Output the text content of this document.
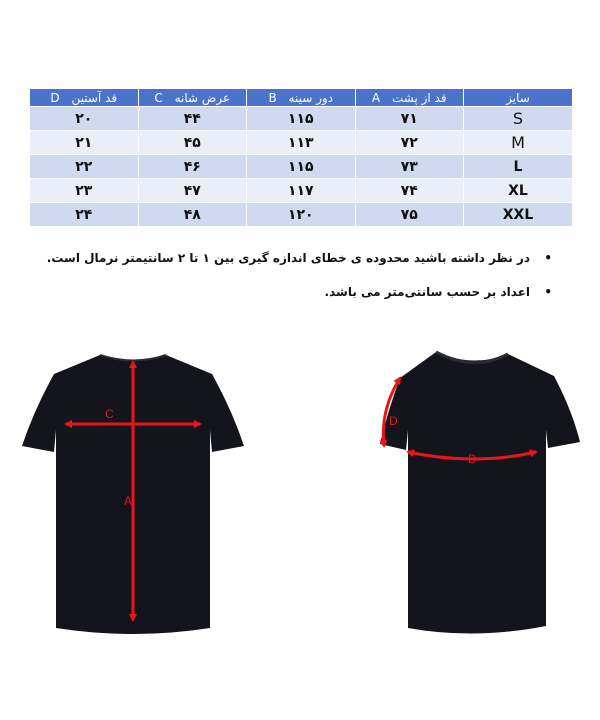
سایز	قد از پشت A	دور سینه B	عرض شانه C	قد آستین D
S	۷۱	۱۱۵	۴۴	۲۰
M	۷۲	۱۱۳	۴۵	۲۱
L	۷۳	۱۱۵	۴۶	۲۲
XL	۷۴	۱۱۷	۴۷	۲۳
XXL	۷۵	۱۲۰	۴۸	۲۴
•
در نظر داشته باشید محدوده ی خطای اندازه گیری بین ۱ تا ۲ سانتیمتر نرمال است.
•
اعداد بر حسب سانتی‌متر می باشد.
C
A
B
D
